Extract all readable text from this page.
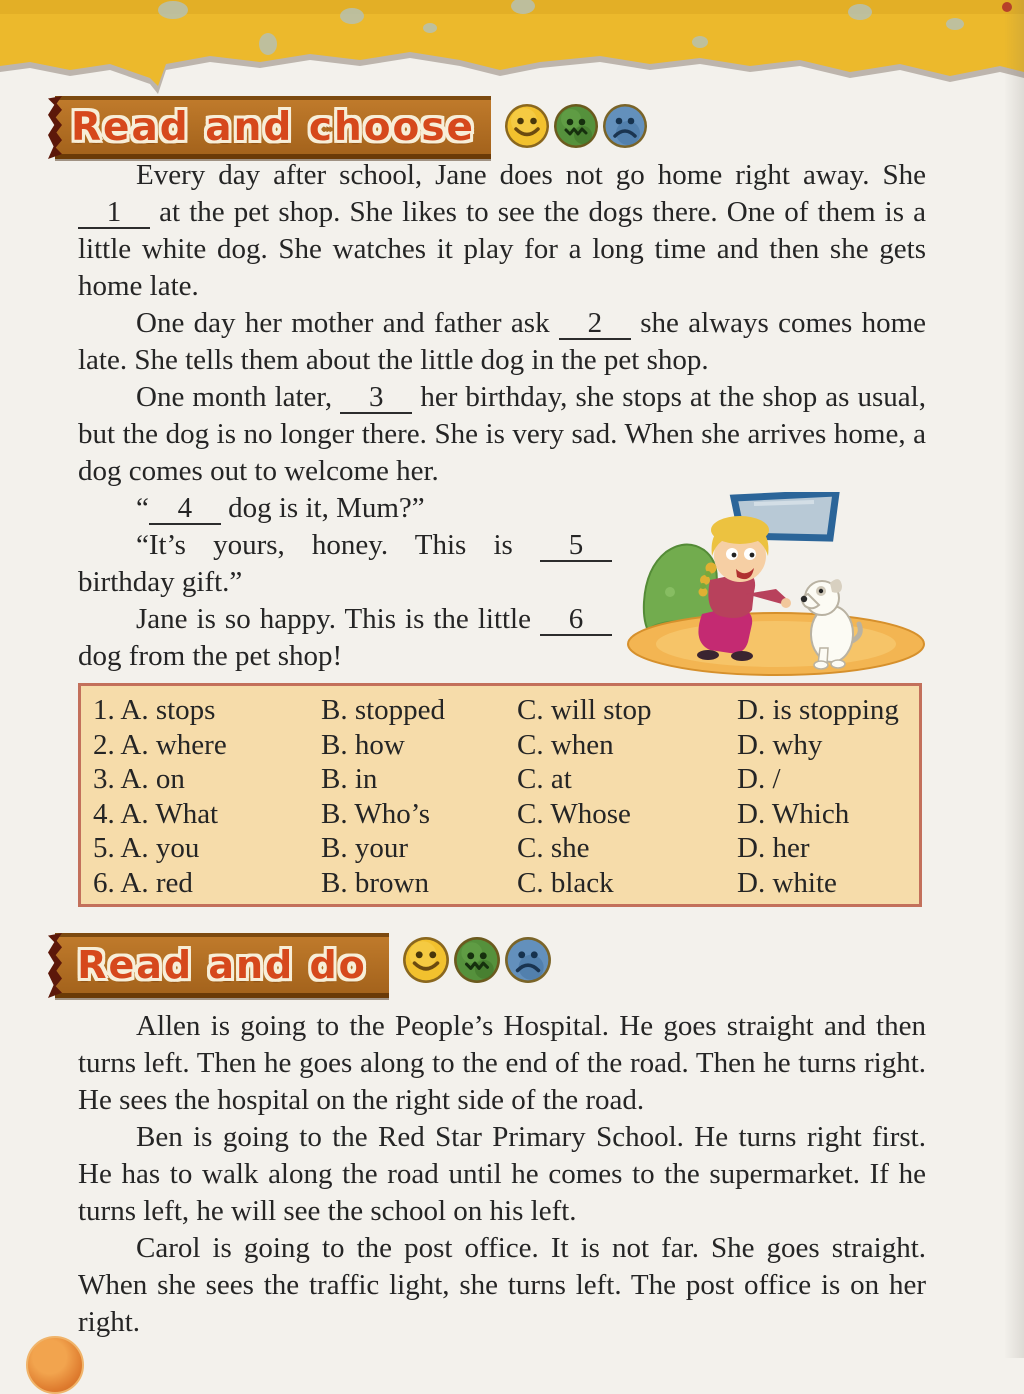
Read and choose

Every day after school, Jane does not go home right away. She 1 at the pet shop. She likes to see the dogs there. One of them is a little white dog. She watches it play for a long time and then she gets home late.

One day her mother and father ask 2 she always comes home late. She tells them about the little dog in the pet shop.

One month later, 3 her birthday, she stops at the shop as usual, but the dog is no longer there. She is very sad. When she arrives home, a dog comes out to welcome her.

“ 4 dog is it, Mum?”

“It’s yours, honey. This is 5 birthday gift.”

Jane is so happy. This is the little 6 dog from the pet shop!

1. A. stops	B. stopped	C. will stop	D. is stopping
2. A. where	B. how	C. when	D. why
3. A. on	B. in	C. at	D. /
4. A. What	B. Who’s	C. Whose	D. Which
5. A. you	B. your	C. she	D. her
6. A. red	B. brown	C. black	D. white
Read and do

Allen is going to the People’s Hospital. He goes straight and then turns left. Then he goes along to the end of the road. Then he turns right. He sees the hospital on the right side of the road.

Ben is going to the Red Star Primary School. He turns right first. He has to walk along the road until he comes to the supermarket. If he turns left, he will see the school on his left.

Carol is going to the post office. It is not far. She goes straight. When she sees the traffic light, she turns left. The post office is on her right.
